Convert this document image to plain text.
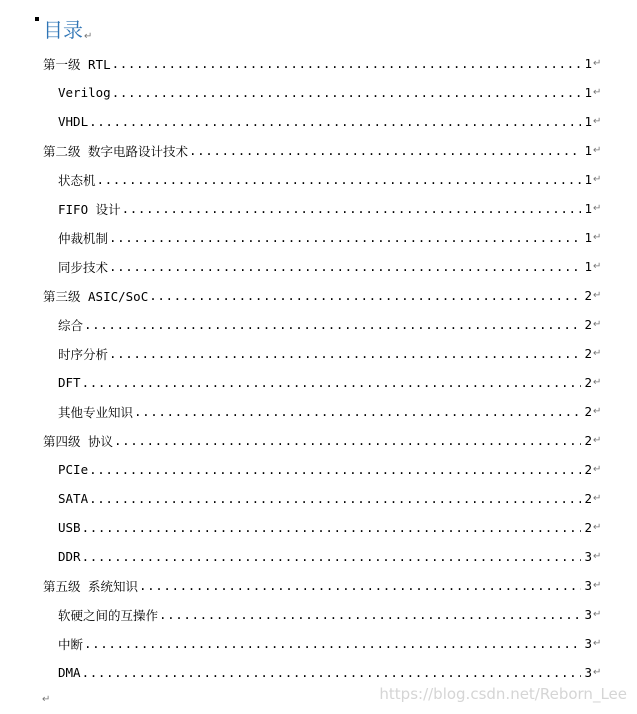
目录↵
第一级 RTL .....	1 ↵
Verilog .....	1 ↵
VHDL .....	1 ↵
第二级 数字电路设计技术 .....	1 ↵
状态机 .....	1 ↵
FIFO 设计 .....	1 ↵
仲裁机制 .....	1 ↵
同步技术 .....	1 ↵
第三级 ASIC/SoC .....	2 ↵
综合 .....	2 ↵
时序分析 .....	2 ↵
DFT .....	2 ↵
其他专业知识 .....	2 ↵
第四级 协议 .....	2 ↵
PCIe .....	2 ↵
SATA .....	2 ↵
USB .....	2 ↵
DDR .....	3 ↵
第五级 系统知识 .....	3 ↵
软硬之间的互操作 .....	3 ↵
中断 .....	3 ↵
DMA .....	3 ↵
↵	https://blog.csdn.net/Reborn_Lee
